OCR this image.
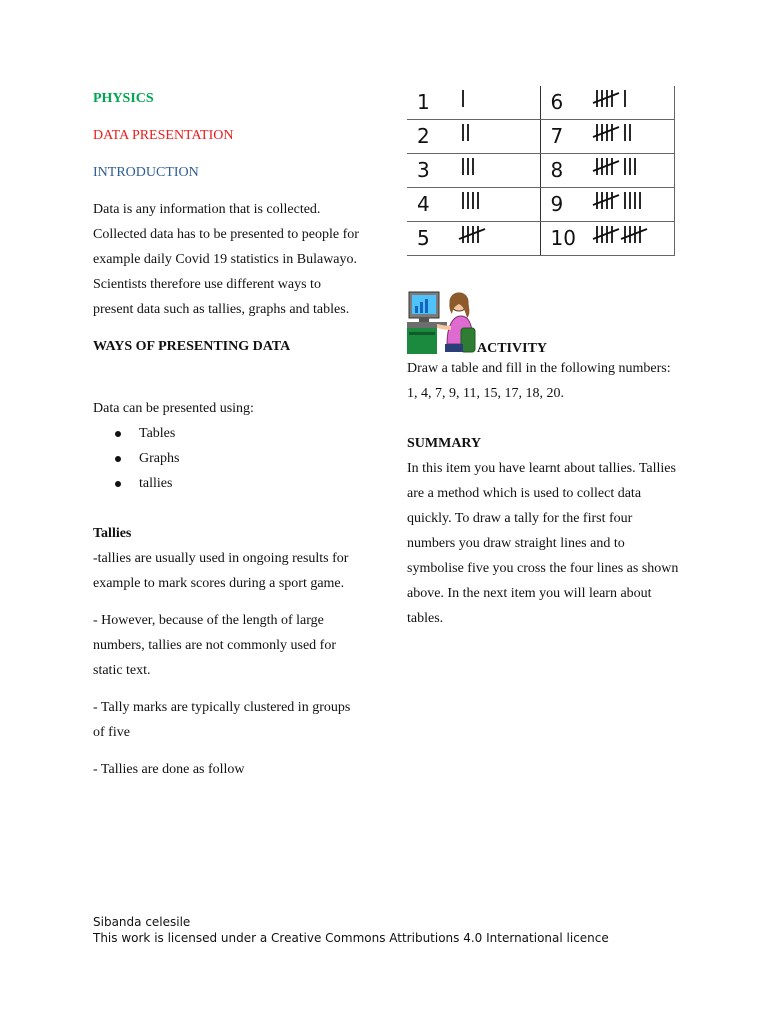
PHYSICS
DATA PRESENTATION
INTRODUCTION

Data is any information that is collected. Collected data has to be presented to people for example daily Covid 19 statistics in Bulawayo. Scientists therefore use different ways to present data such as tallies, graphs and tables.

WAYS OF PRESENTING DATA
Data can be presented using:
Tables
Graphs
tallies
Tallies

-tallies are usually used in ongoing results for example to mark scores during a sport game.

- However, because of the length of large numbers, tallies are not commonly used for static text.

- Tally marks are typically clustered in groups of five

- Tallies are done as follow

1		6	
2		7	
3		8	
4		9	
5		10	
ACTIVITY

Draw a table and fill in the following numbers: 1, 4, 7, 9, 11, 15, 17, 18, 20.

SUMMARY

In this item you have learnt about tallies. Tallies are a method which is used to collect data quickly. To draw a tally for the first four numbers you draw straight lines and to symbolise five you cross the four lines as shown above. In the next item you will learn about tables.

Sibanda celesile
This work is licensed under a Creative Commons Attributions 4.0 International licence
